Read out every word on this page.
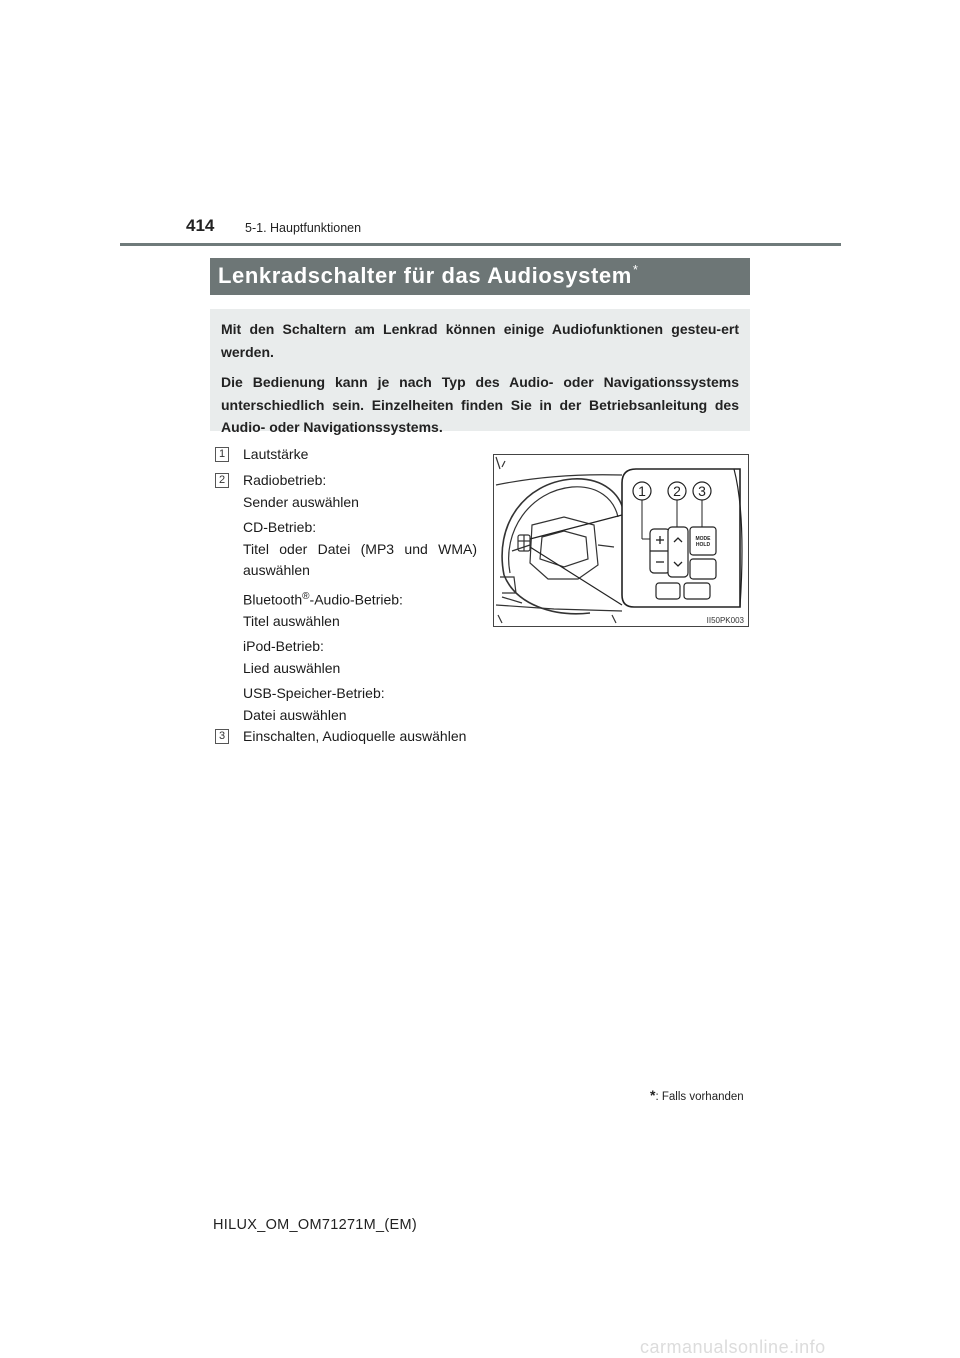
414 5-1. Hauptfunktionen
Lenkradschalter für das Audiosystem*

Mit den Schaltern am Lenkrad können einige Audiofunktionen gesteu-ert werden.

Die Bedienung kann je nach Typ des Audio- oder Navigationssystems unterschiedlich sein. Einzelheiten finden Sie in der Betriebsanleitung des Audio- oder Navigationssystems.

1 Lautstärke
2 Radiobetrieb:
Sender auswählen
CD-Betrieb:
Titel oder Datei (MP3 und WMA)
auswählen
Bluetooth®-Audio-Betrieb:
Titel auswählen
iPod-Betrieb:
Lied auswählen
USB-Speicher-Betrieb:
Datei auswählen
3 Einschalten, Audioquelle auswählen
1 2 3
MODE
HOLD
II50PK003
*: Falls vorhanden
HILUX_OM_OM71271M_(EM)
carmanualsonline.info
